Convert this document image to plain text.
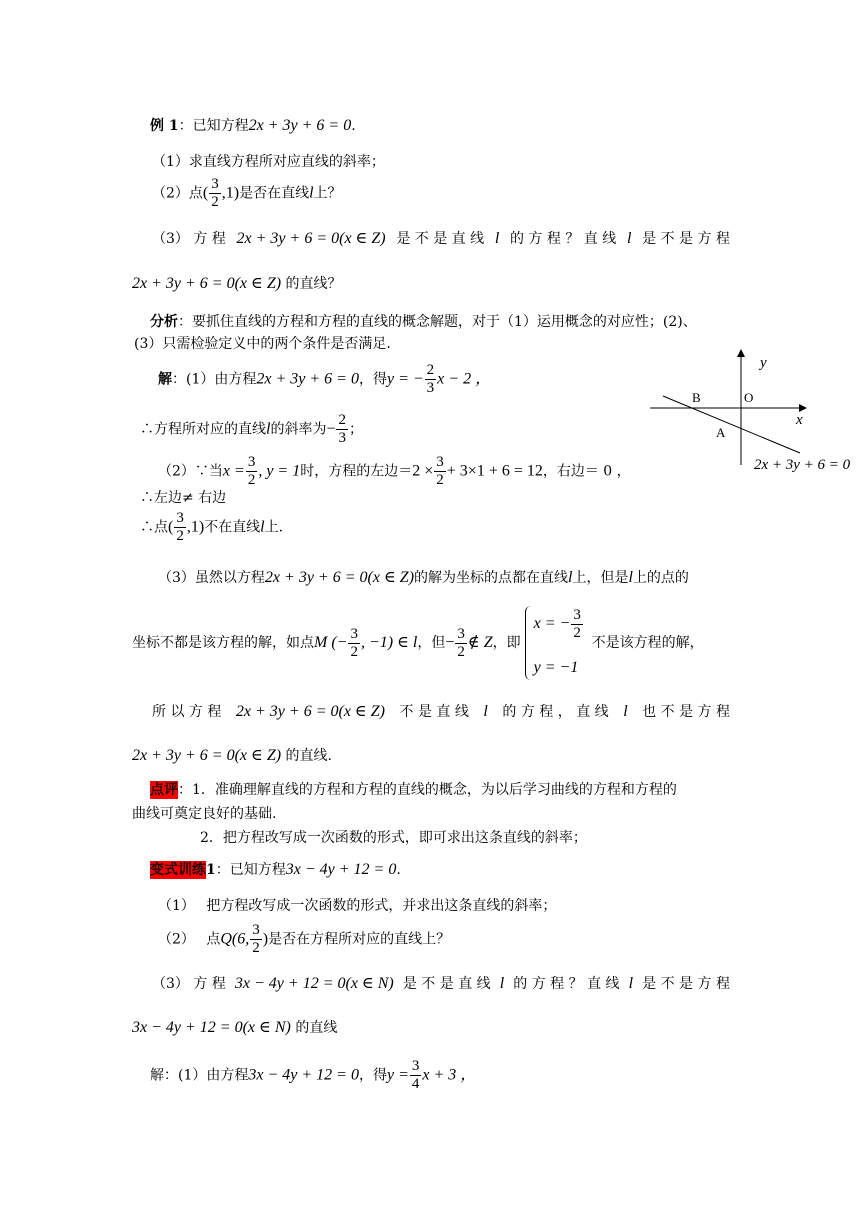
例 1：已知方程2x + 3y + 6 = 0.
（1）求直线方程所对应直线的斜率；
（2）点( $\frac{3}{2} ,1$)是否在直线l上？
（3） 方 程 2x + 3y + 6 = 0(x ∈ Z) 是 不 是 直 线 l 的 方 程 ？ 直 线 l 是 不 是 方 程
2x + 3y + 6 = 0(x ∈ Z) 的直线？
分析：要抓住直线的方程和方程的直线的概念解题，对于（1）运用概念的对应性；(2)、
(3）只需检验定义中的两个条件是否满足.
解：(1）由方程2x + 3y + 6 = 0，得y = − $\frac{2}{3}$ x − 2 ，
∴方程所对应的直线l的斜率为− $\frac{2}{3}$ ；
（2）∵当$x = \frac{3}{2}$ , y = 1时，方程的左边$=2 \times \frac{3}{2} + 3\times 1 + 6 = 12$，右边＝ 0 ，
∴左边≠ 右边
∴点( $\frac{3}{2} ,1$)不在直线l上.
（3）虽然以方程2x + 3y + 6 = 0(x ∈ Z)的解为坐标的点都在直线l上，但是l上的点的
坐标不都是该方程的解，如点M (− $\frac{3}{2}$ , −1) ∈ l，但− $\frac{3}{2}$ ∉ Z，即
x = − $\frac{3}{2}$
y = −1
不是该方程的解，
所 以 方 程 2x + 3y + 6 = 0(x ∈ Z) 不 是 直 线 l 的 方 程 ， 直 线 l 也 不 是 方 程
2x + 3y + 6 = 0(x ∈ Z) 的直线.
点评：1．准确理解直线的方程和方程的直线的概念，为以后学习曲线的方程和方程的
曲线可奠定良好的基础.
2．把方程改写成一次函数的形式，即可求出这条直线的斜率；
变式训练1：已知方程3x − 4y + 12 = 0.
（1）　 把方程改写成一次函数的形式，并求出这条直线的斜率；
（2）　 点Q(6, $\frac{3}{2}$ )是否在方程所对应的直线上？
（3） 方 程 3x − 4y + 12 = 0(x ∈ N) 是 不 是 直 线 l 的 方 程 ？ 直 线 l 是 不 是 方 程
3x − 4y + 12 = 0(x ∈ N) 的直线
解：(1）由方程3x − 4y + 12 = 0，得$y = \frac{3}{4}$ x + 3 ，
y
x
O
B
A
2x + 3y + 6 = 0
